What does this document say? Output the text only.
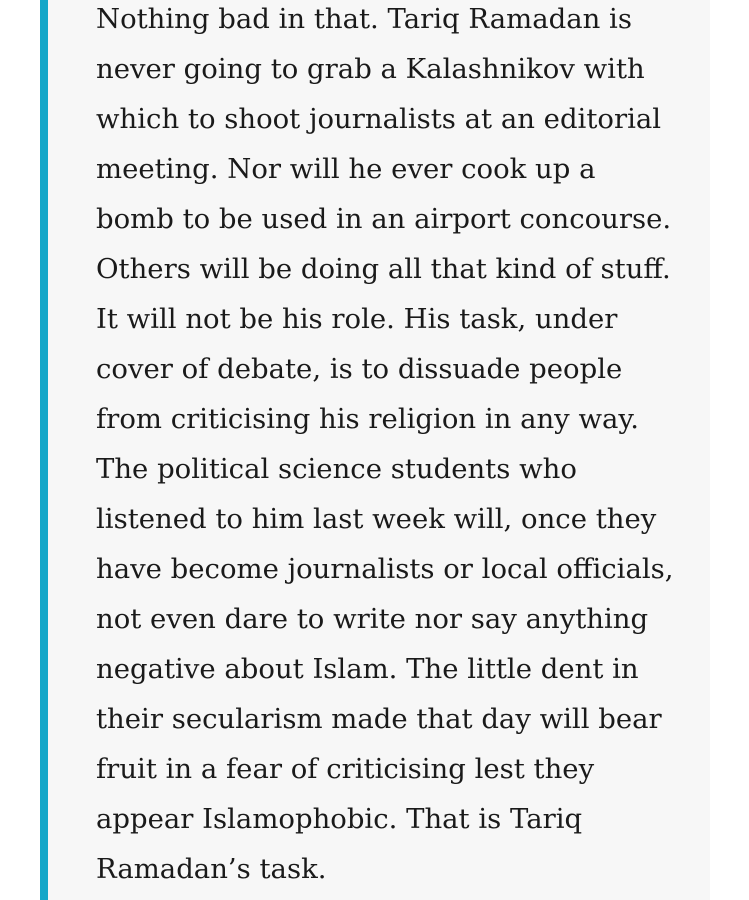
Nothing bad in that. Tariq Ramadan is
never going to grab a Kalashnikov with
which to shoot journalists at an editorial
meeting. Nor will he ever cook up a
bomb to be used in an airport concourse.
Others will be doing all that kind of stuff.
It will not be his role. His task, under
cover of debate, is to dissuade people
from criticising his religion in any way.
The political science students who
listened to him last week will, once they
have become journalists or local officials,
not even dare to write nor say anything
negative about Islam. The little dent in
their secularism made that day will bear
fruit in a fear of criticising lest they
appear Islamophobic. That is Tariq
Ramadan’s task.
